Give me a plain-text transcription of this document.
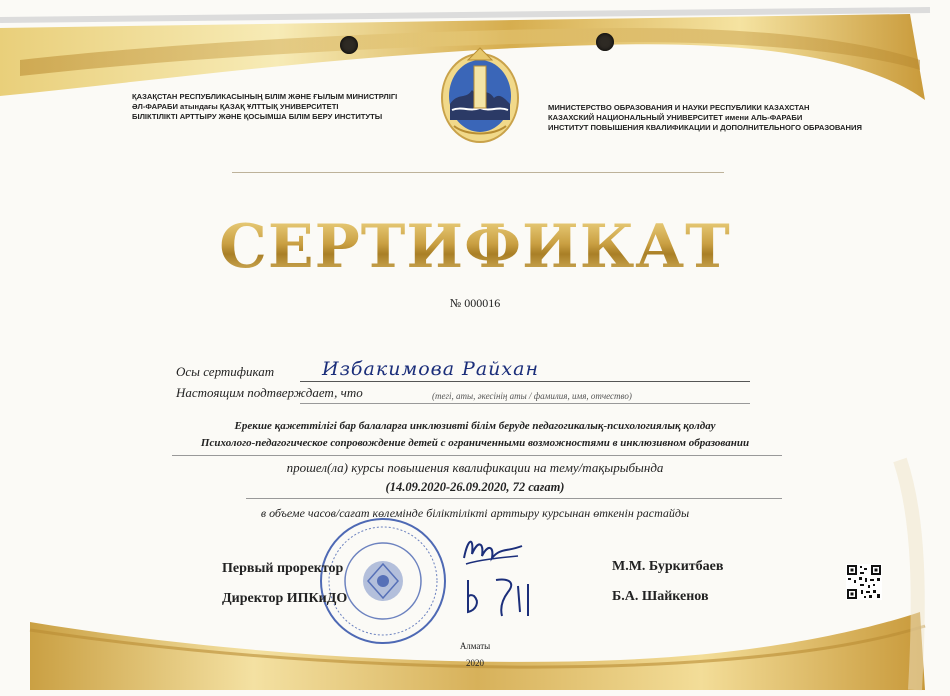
ҚАЗАҚСТАН РЕСПУБЛИКАСЫНЫҢ БІЛІМ ЖӘНЕ ҒЫЛЫМ МИНИСТРЛІГІ
ӘЛ-ФАРАБИ атындағы ҚАЗАҚ ҰЛТТЫҚ УНИВЕРСИТЕТІ
БІЛІКТІЛІКТІ АРТТЫРУ ЖӘНЕ ҚОСЫМША БІЛІМ БЕРУ ИНСТИТУТЫ
МИНИСТЕРСТВО ОБРАЗОВАНИЯ И НАУКИ РЕСПУБЛИКИ КАЗАХСТАН
КАЗАХСКИЙ НАЦИОНАЛЬНЫЙ УНИВЕРСИТЕТ имени АЛЬ-ФАРАБИ
ИНСТИТУТ ПОВЫШЕНИЯ КВАЛИФИКАЦИИ И ДОПОЛНИТЕЛЬНОГО ОБРАЗОВАНИЯ
СЕРТИФИКАТ
№ 000016
Осы сертификат
Настоящим подтверждает, что
Избакимова Райхан
(тегі, аты, әкесінің аты / фамилия, имя, отчество)
Ерекше қажеттілігі бар балаларға инклюзивті білім беруде педагогикалық-психологиялық қолдау
Психолого-педагогическое сопровождение детей с ограниченными возможностями в инклюзивном образовании
прошел(ла) курсы повышения квалификации на тему/тақырыбында
(14.09.2020-26.09.2020, 72 сағат)
в объеме часов/сағат көлемінде біліктілікті арттыру курсынан өткенін растайды
Первый проректор	М.М. Буркитбаев
Директор ИПКиДО	Б.А. Шайкенов
Алматы
2020
